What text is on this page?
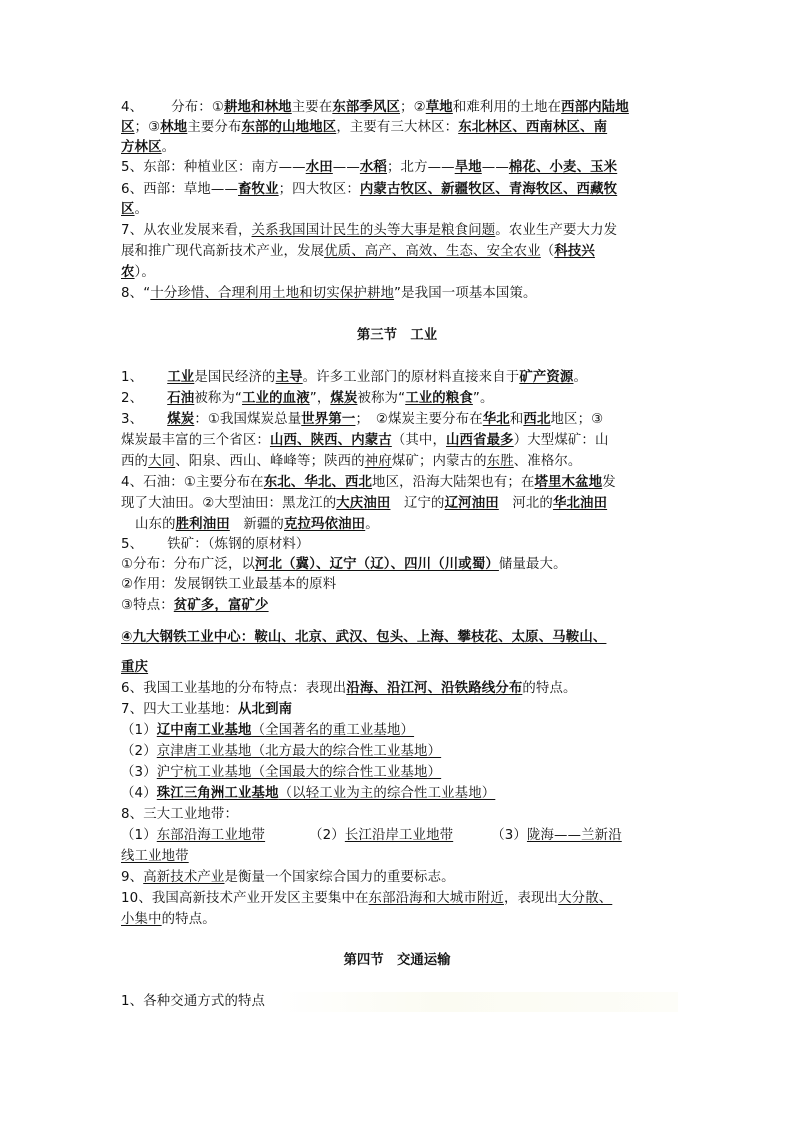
4、 分布：①耕地和林地主要在东部季风区；②草地和难利用的土地在西部内陆地
区；③林地主要分布东部的山地地区，主要有三大林区：东北林区、西南林区、南
方林区。
5、东部：种植业区：南方——水田——水稻；北方——旱地——棉花、小麦、玉米
6、西部：草地——畜牧业；四大牧区：内蒙古牧区、新疆牧区、青海牧区、西藏牧
区。
7、从农业发展来看，关系我国国计民生的头等大事是粮食问题。农业生产要大力发
展和推广现代高新技术产业，发展优质、高产、高效、生态、安全农业（科技兴
农）。
8、“十分珍惜、合理利用土地和切实保护耕地”是我国一项基本国策。
第三节　工业
1、 工业是国民经济的主导。许多工业部门的原材料直接来自于矿产资源。
2、 石油被称为“工业的血液”，煤炭被称为“工业的粮食”。
3、 煤炭：①我国煤炭总量世界第一；　②煤炭主要分布在华北和西北地区；③
煤炭最丰富的三个省区：山西、陕西、内蒙古（其中，山西省最多）大型煤矿：山
西的大同、阳泉、西山、峰峰等；陕西的神府煤矿；内蒙古的东胜、准格尔。
4、石油：①主要分布在东北、华北、西北地区，沿海大陆架也有；在塔里木盆地发
现了大油田。②大型油田：黑龙江的大庆油田　辽宁的辽河油田　河北的华北油田
山东的胜利油田　新疆的克拉玛依油田。
5、 铁矿：（炼钢的原材料）
①分布：分布广泛，以河北（冀）、辽宁（辽）、四川（川或蜀）储量最大。
②作用：发展钢铁工业最基本的原料
③特点：贫矿多，富矿少
④九大钢铁工业中心：鞍山、北京、武汉、包头、上海、攀枝花、太原、马鞍山、
重庆
6、我国工业基地的分布特点：表现出沿海、沿江河、沿铁路线分布的特点。
7、四大工业基地：从北到南
（1）辽中南工业基地（全国著名的重工业基地）
（2）京津唐工业基地（北方最大的综合性工业基地）
（3）沪宁杭工业基地（全国最大的综合性工业基地）
（4）珠江三角洲工业基地（以轻工业为主的综合性工业基地）
8、三大工业地带：
（1）东部沿海工业地带	（2）长江沿岸工业地带	（3）陇海——兰新沿
线工业地带
9、高新技术产业是衡量一个国家综合国力的重要标志。
10、我国高新技术产业开发区主要集中在东部沿海和大城市附近，表现出大分散、
小集中的特点。
第四节　交通运输
1、各种交通方式的特点
